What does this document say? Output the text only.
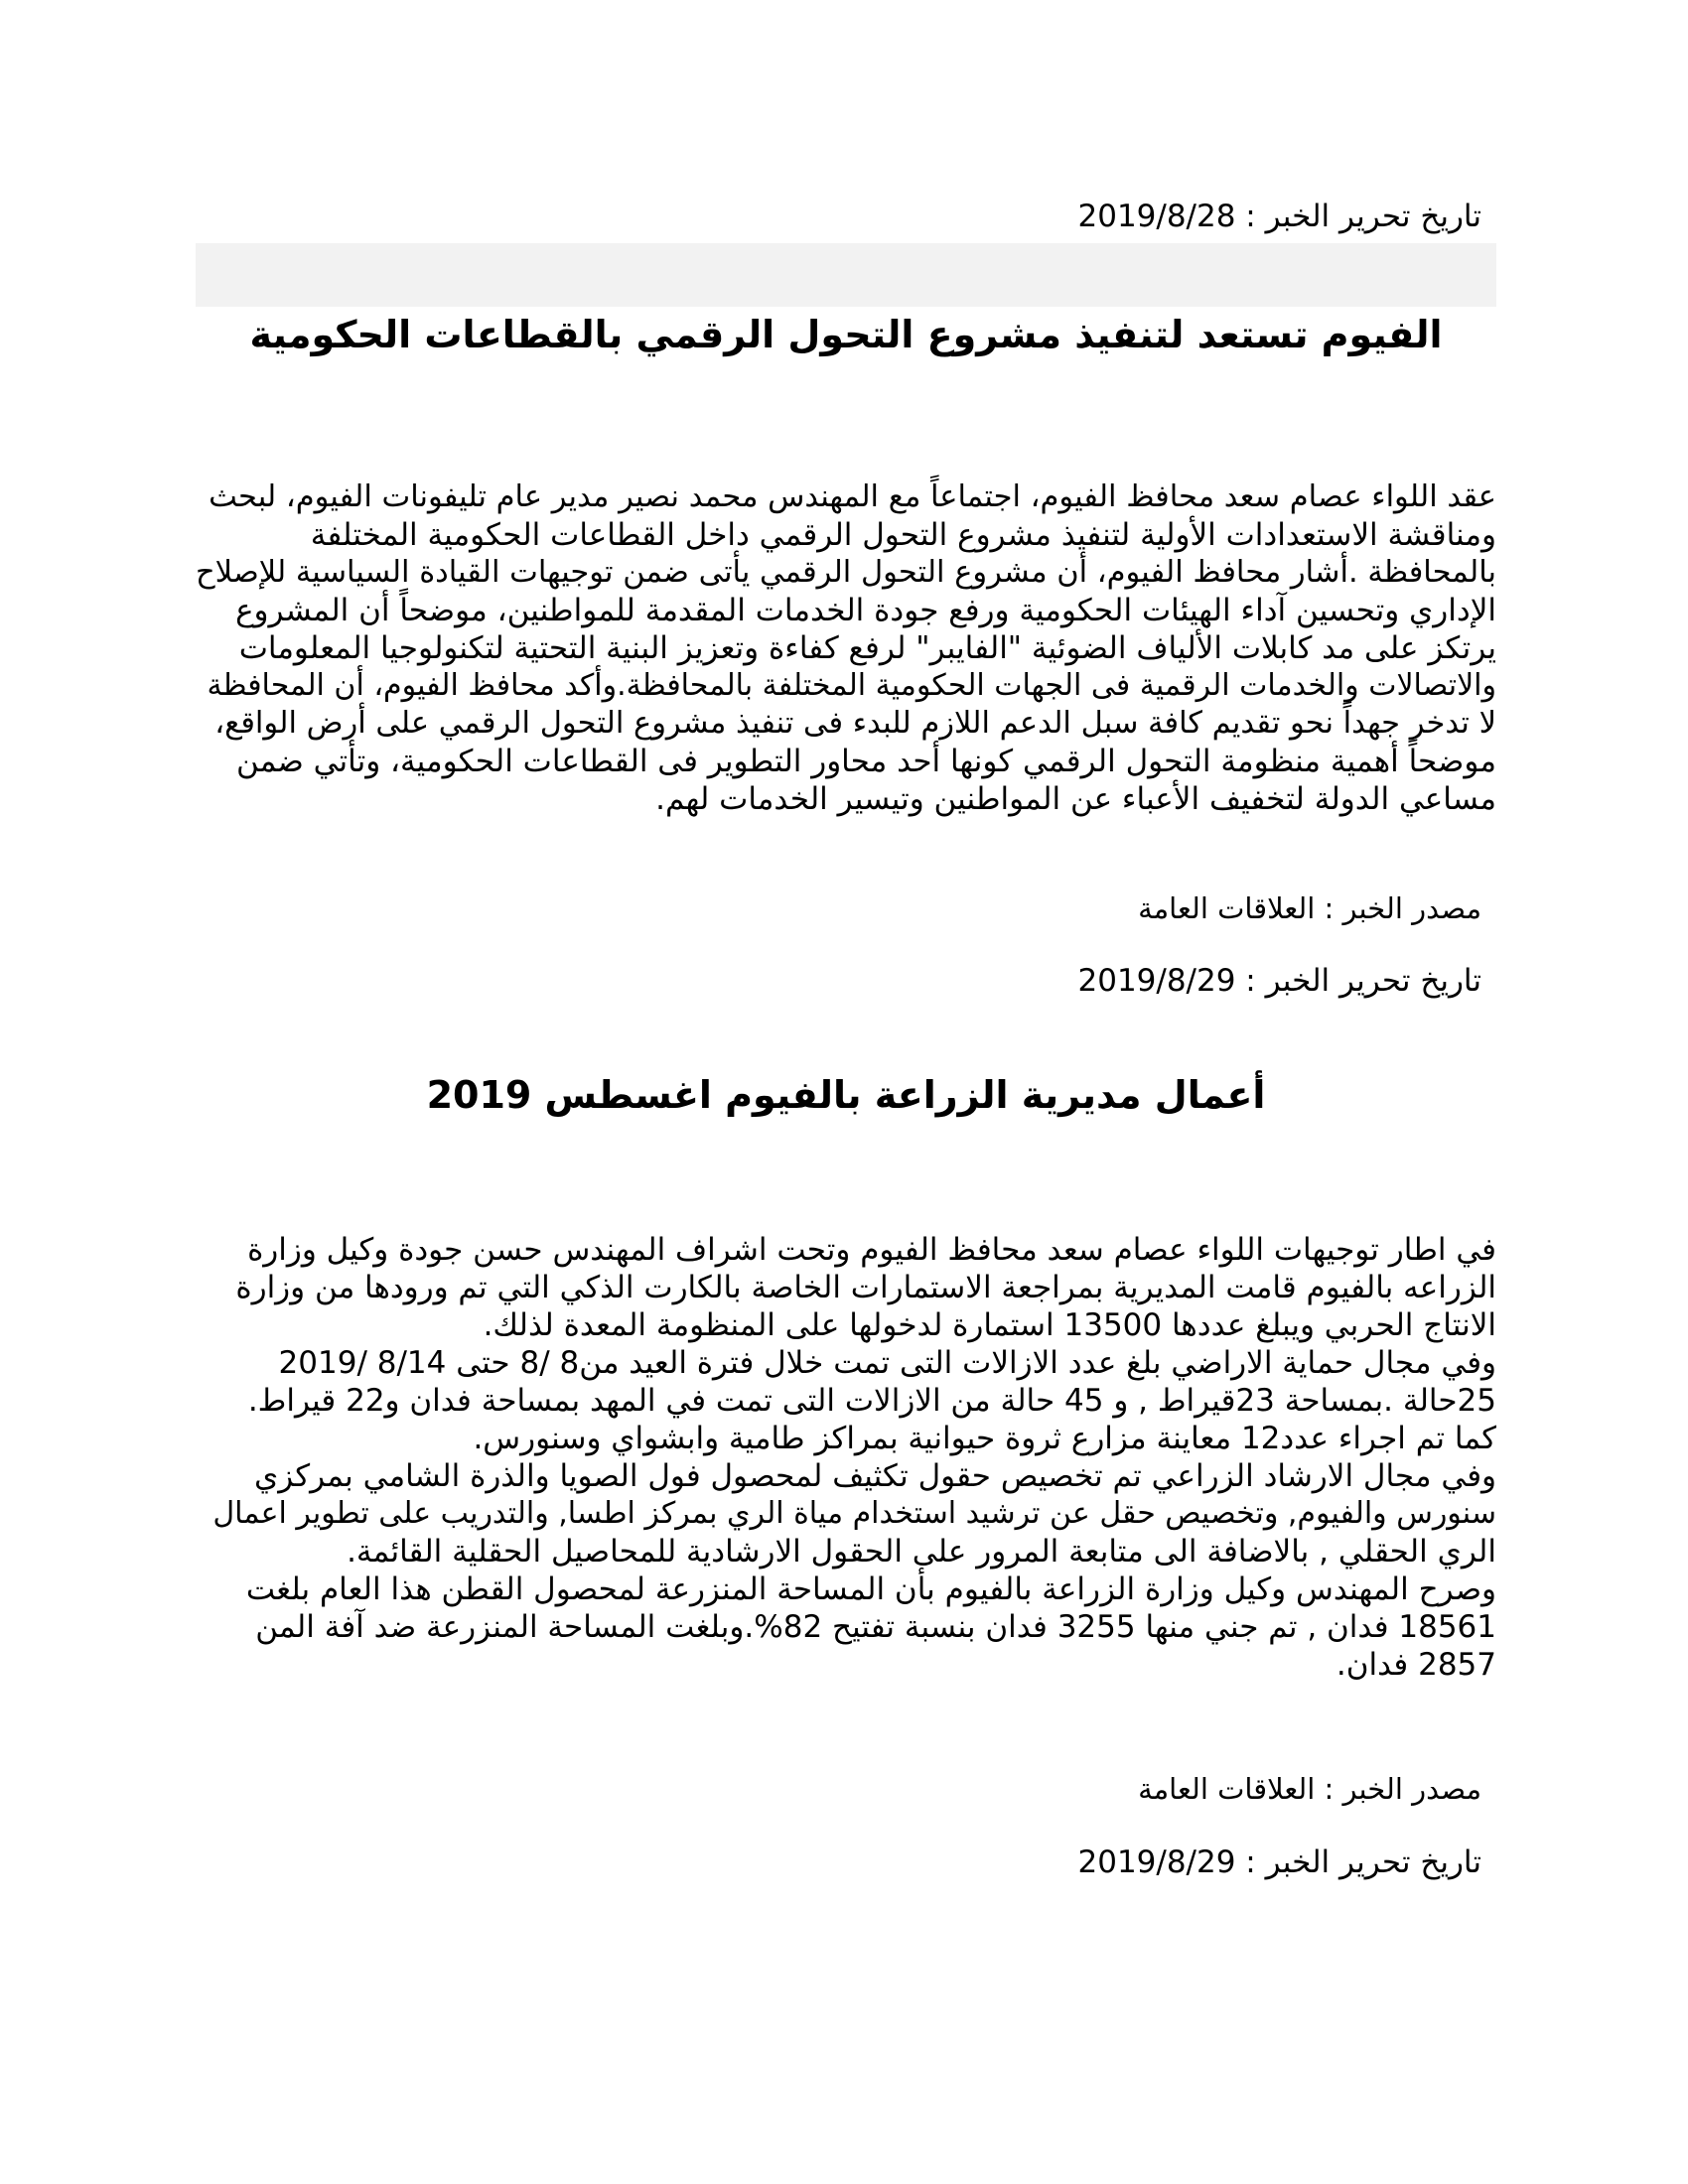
تاريخ تحرير الخبر : 2019/8/28
الفيوم تستعد لتنفيذ مشروع التحول الرقمي بالقطاعات الحكومية
عقد اللواء عصام سعد محافظ الفيوم، اجتماعاً مع المهندس محمد نصير مدير عام تليفونات الفيوم، لبحث
ومناقشة الاستعدادات الأولية لتنفيذ مشروع التحول الرقمي داخل القطاعات الحكومية المختلفة
بالمحافظة .أشار محافظ الفيوم، أن مشروع التحول الرقمي يأتى ضمن توجيهات القيادة السياسية للإصلاح
الإداري وتحسين آداء الهيئات الحكومية ورفع جودة الخدمات المقدمة للمواطنين، موضحاً أن المشروع
يرتكز على مد كابلات الألياف الضوئية "الفايبر" لرفع كفاءة وتعزيز البنية التحتية لتكنولوجيا المعلومات
والاتصالات والخدمات الرقمية فى الجهات الحكومية المختلفة بالمحافظة.وأكد محافظ الفيوم، أن المحافظة
لا تدخر جهداً نحو تقديم كافة سبل الدعم اللازم للبدء فى تنفيذ مشروع التحول الرقمي على أرض الواقع،
موضحاً أهمية منظومة التحول الرقمي كونها أحد محاور التطوير فى القطاعات الحكومية، وتأتي ضمن
مساعي الدولة لتخفيف الأعباء عن المواطنين وتيسير الخدمات لهم.
مصدر الخبر : العلاقات العامة
تاريخ تحرير الخبر : 2019/8/29
أعمال مديرية الزراعة بالفيوم اغسطس 2019
في اطار توجيهات اللواء عصام سعد محافظ الفيوم وتحت اشراف المهندس حسن جودة وكيل وزارة
الزراعه بالفيوم قامت المديرية بمراجعة الاستمارات الخاصة بالكارت الذكي التي تم ورودها من وزارة
الانتاج الحربي ويبلغ عددها 13500 استمارة لدخولها على المنظومة المعدة لذلك.
وفي مجال حماية الاراضي بلغ عدد الازالات التى تمت خلال فترة العيد من8 /8 حتى 8/14 /2019
25حالة .بمساحة 23قيراط , و 45 حالة من الازالات التى تمت في المهد بمساحة فدان و22 قيراط.
كما تم اجراء عدد12 معاينة مزارع ثروة حيوانية بمراكز طامية وابشواي وسنورس.
وفي مجال الارشاد الزراعي تم تخصيص حقول تكثيف لمحصول فول الصويا والذرة الشامي بمركزي
سنورس والفيوم, وتخصيص حقل عن ترشيد استخدام مياة الري بمركز اطسا, والتدريب على تطوير اعمال
الري الحقلي , بالاضافة الى متابعة المرور على الحقول الارشادية للمحاصيل الحقلية القائمة.
وصرح المهندس وكيل وزارة الزراعة بالفيوم بأن المساحة المنزرعة لمحصول القطن هذا العام بلغت
18561 فدان , تم جني منها 3255 فدان بنسبة تفتيح 82%.وبلغت المساحة المنزرعة ضد آفة المن
2857 فدان.
مصدر الخبر : العلاقات العامة
تاريخ تحرير الخبر : 2019/8/29
